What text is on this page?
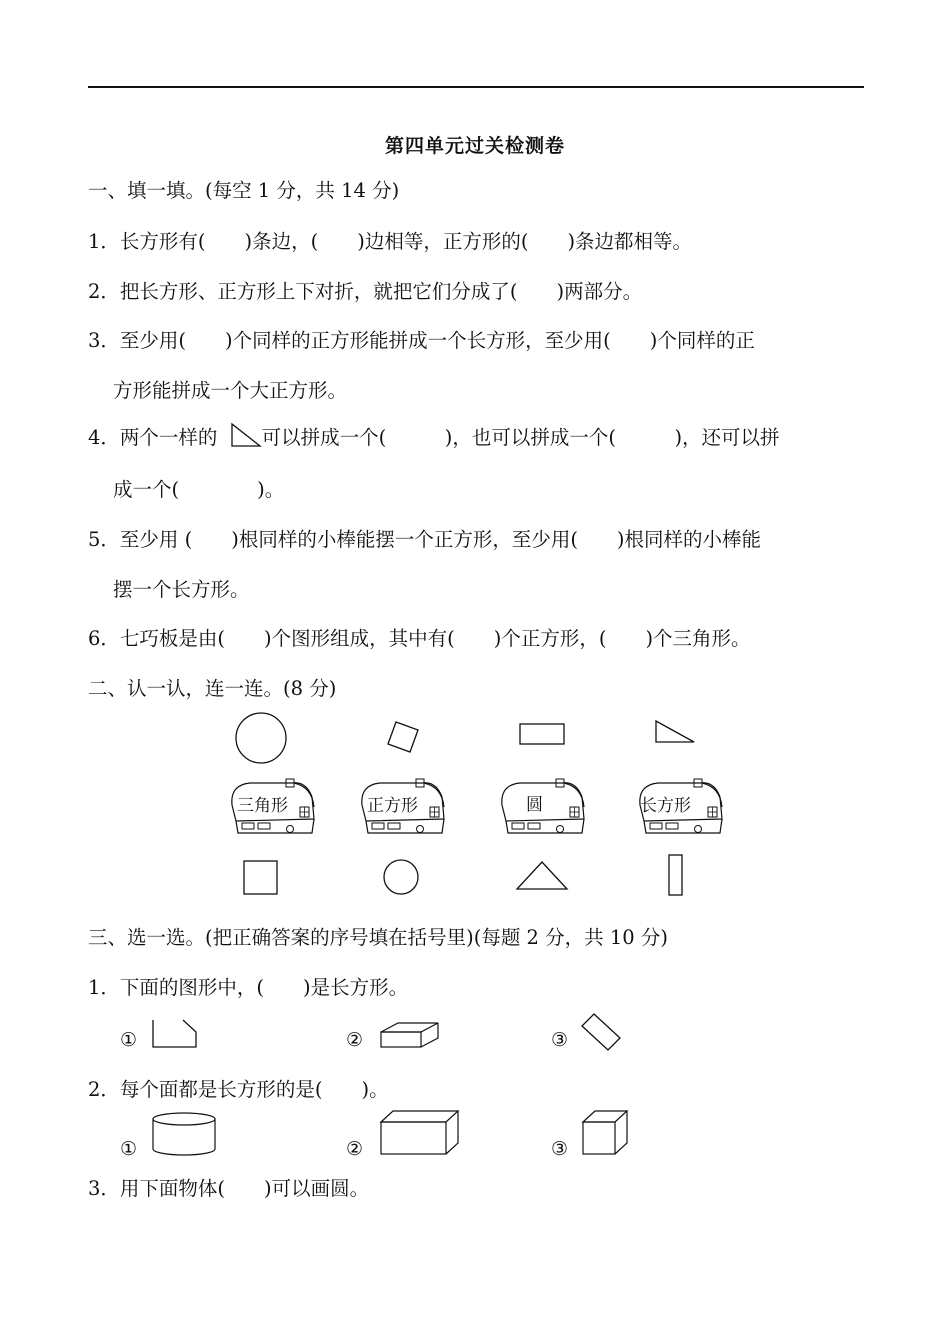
第四单元过关检测卷
一、填一填。(每空 1 分，共 14 分)
1．长方形有(　　)条边，(　　)边相等，正方形的(　　)条边都相等。
2．把长方形、正方形上下对折，就把它们分成了(　　)两部分。
3．至少用(　　)个同样的正方形能拼成一个长方形，至少用(　　)个同样的正
方形能拼成一个大正方形。
4．两个一样的 可以拼成一个(　　　)，也可以拼成一个(　　　)，还可以拼
成一个(　　　　)。
5．至少用 (　　)根同样的小棒能摆一个正方形，至少用(　　)根同样的小棒能
摆一个长方形。
6．七巧板是由(　　)个图形组成，其中有(　　)个正方形，(　　)个三角形。
二、认一认，连一连。(8 分)
三角形	正方形	圆	长方形
三、选一选。(把正确答案的序号填在括号里)(每题 2 分，共 10 分)
1．下面的图形中，(　　)是长方形。
①	②	③
2．每个面都是长方形的是(　　)。
①	②	③
3．用下面物体(　　)可以画圆。
